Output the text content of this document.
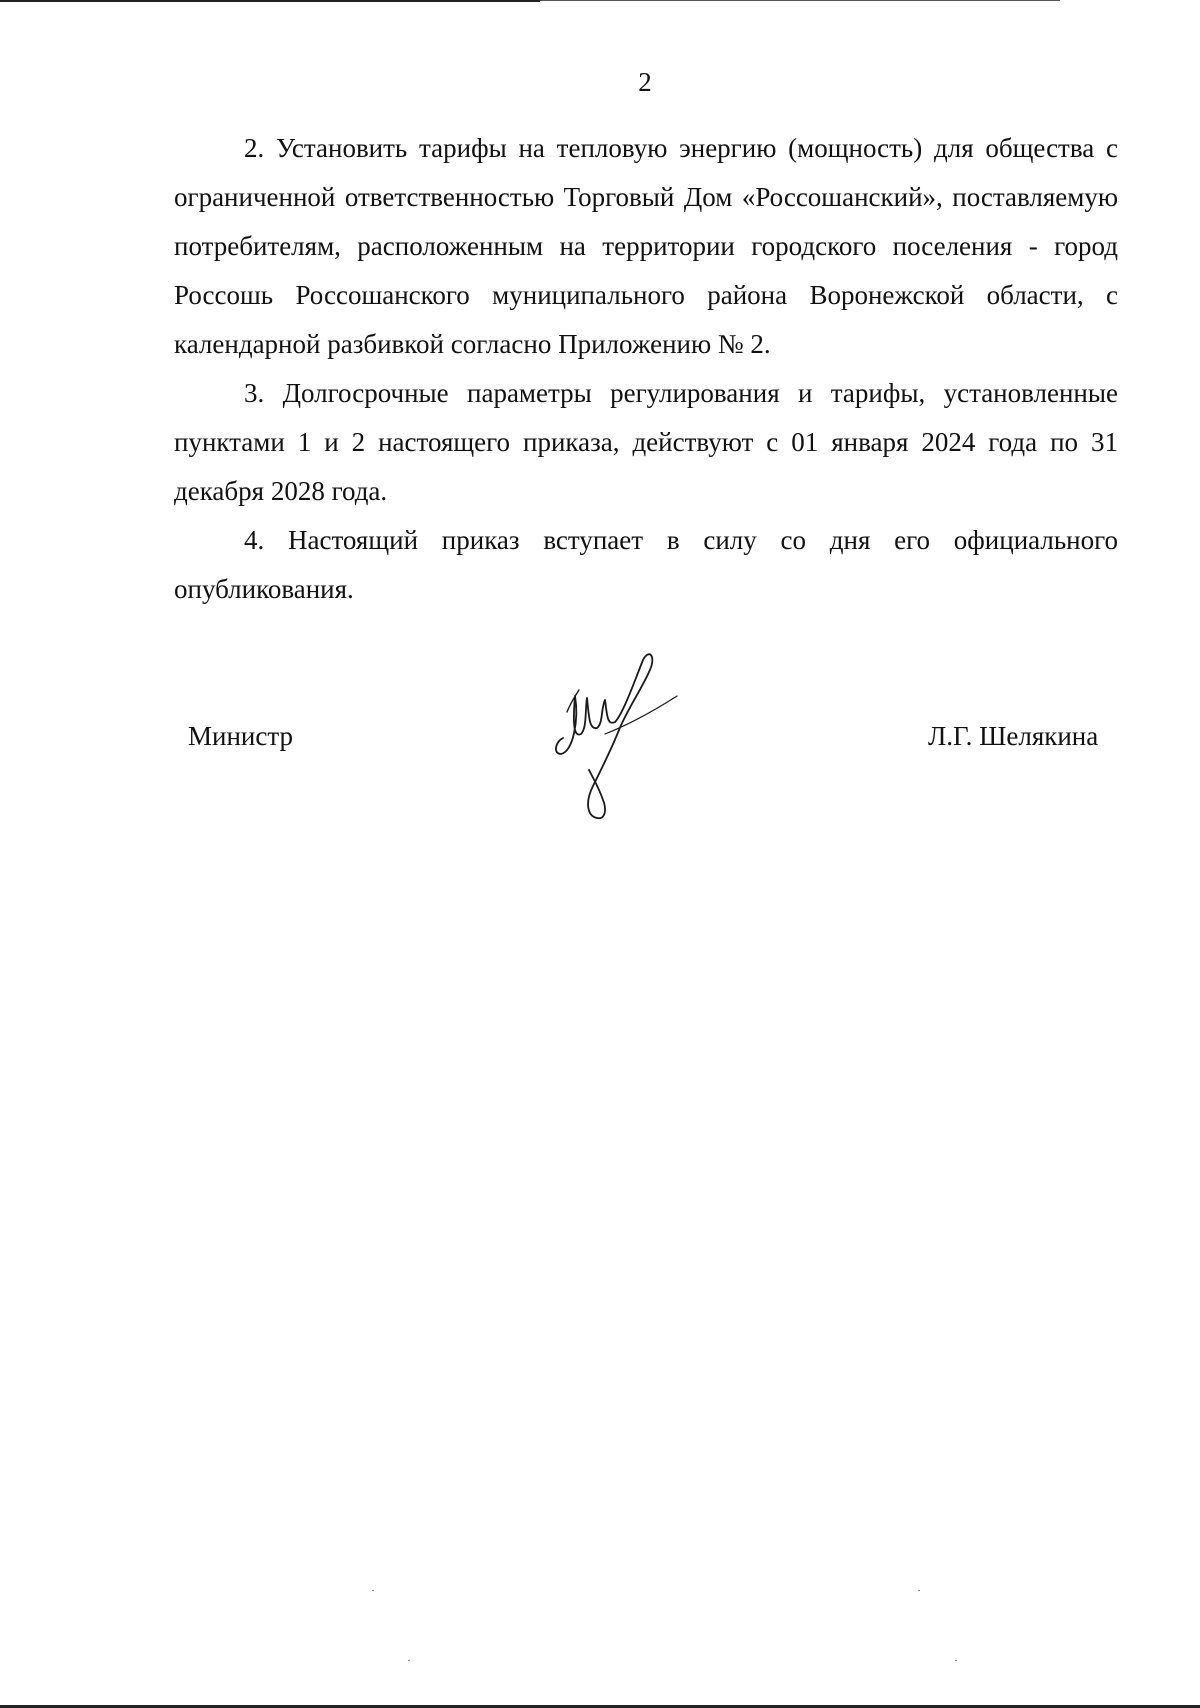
2

2. Установить тарифы на тепловую энергию (мощность) для общества с ограниченной ответственностью Торговый Дом «Россошанский», поставляемую потребителям, расположенным на территории городского поселения - город Россошь Россошанского муниципального района Воронежской области, с календарной разбивкой согласно Приложению № 2.

3. Долгосрочные параметры регулирования и тарифы, установленные пунктами 1 и 2 настоящего приказа, действуют с 01 января 2024 года по 31 декабря 2028 года.

4. Настоящий приказ вступает в силу со дня его официального опубликования.

Министр	Л.Г. Шелякина
